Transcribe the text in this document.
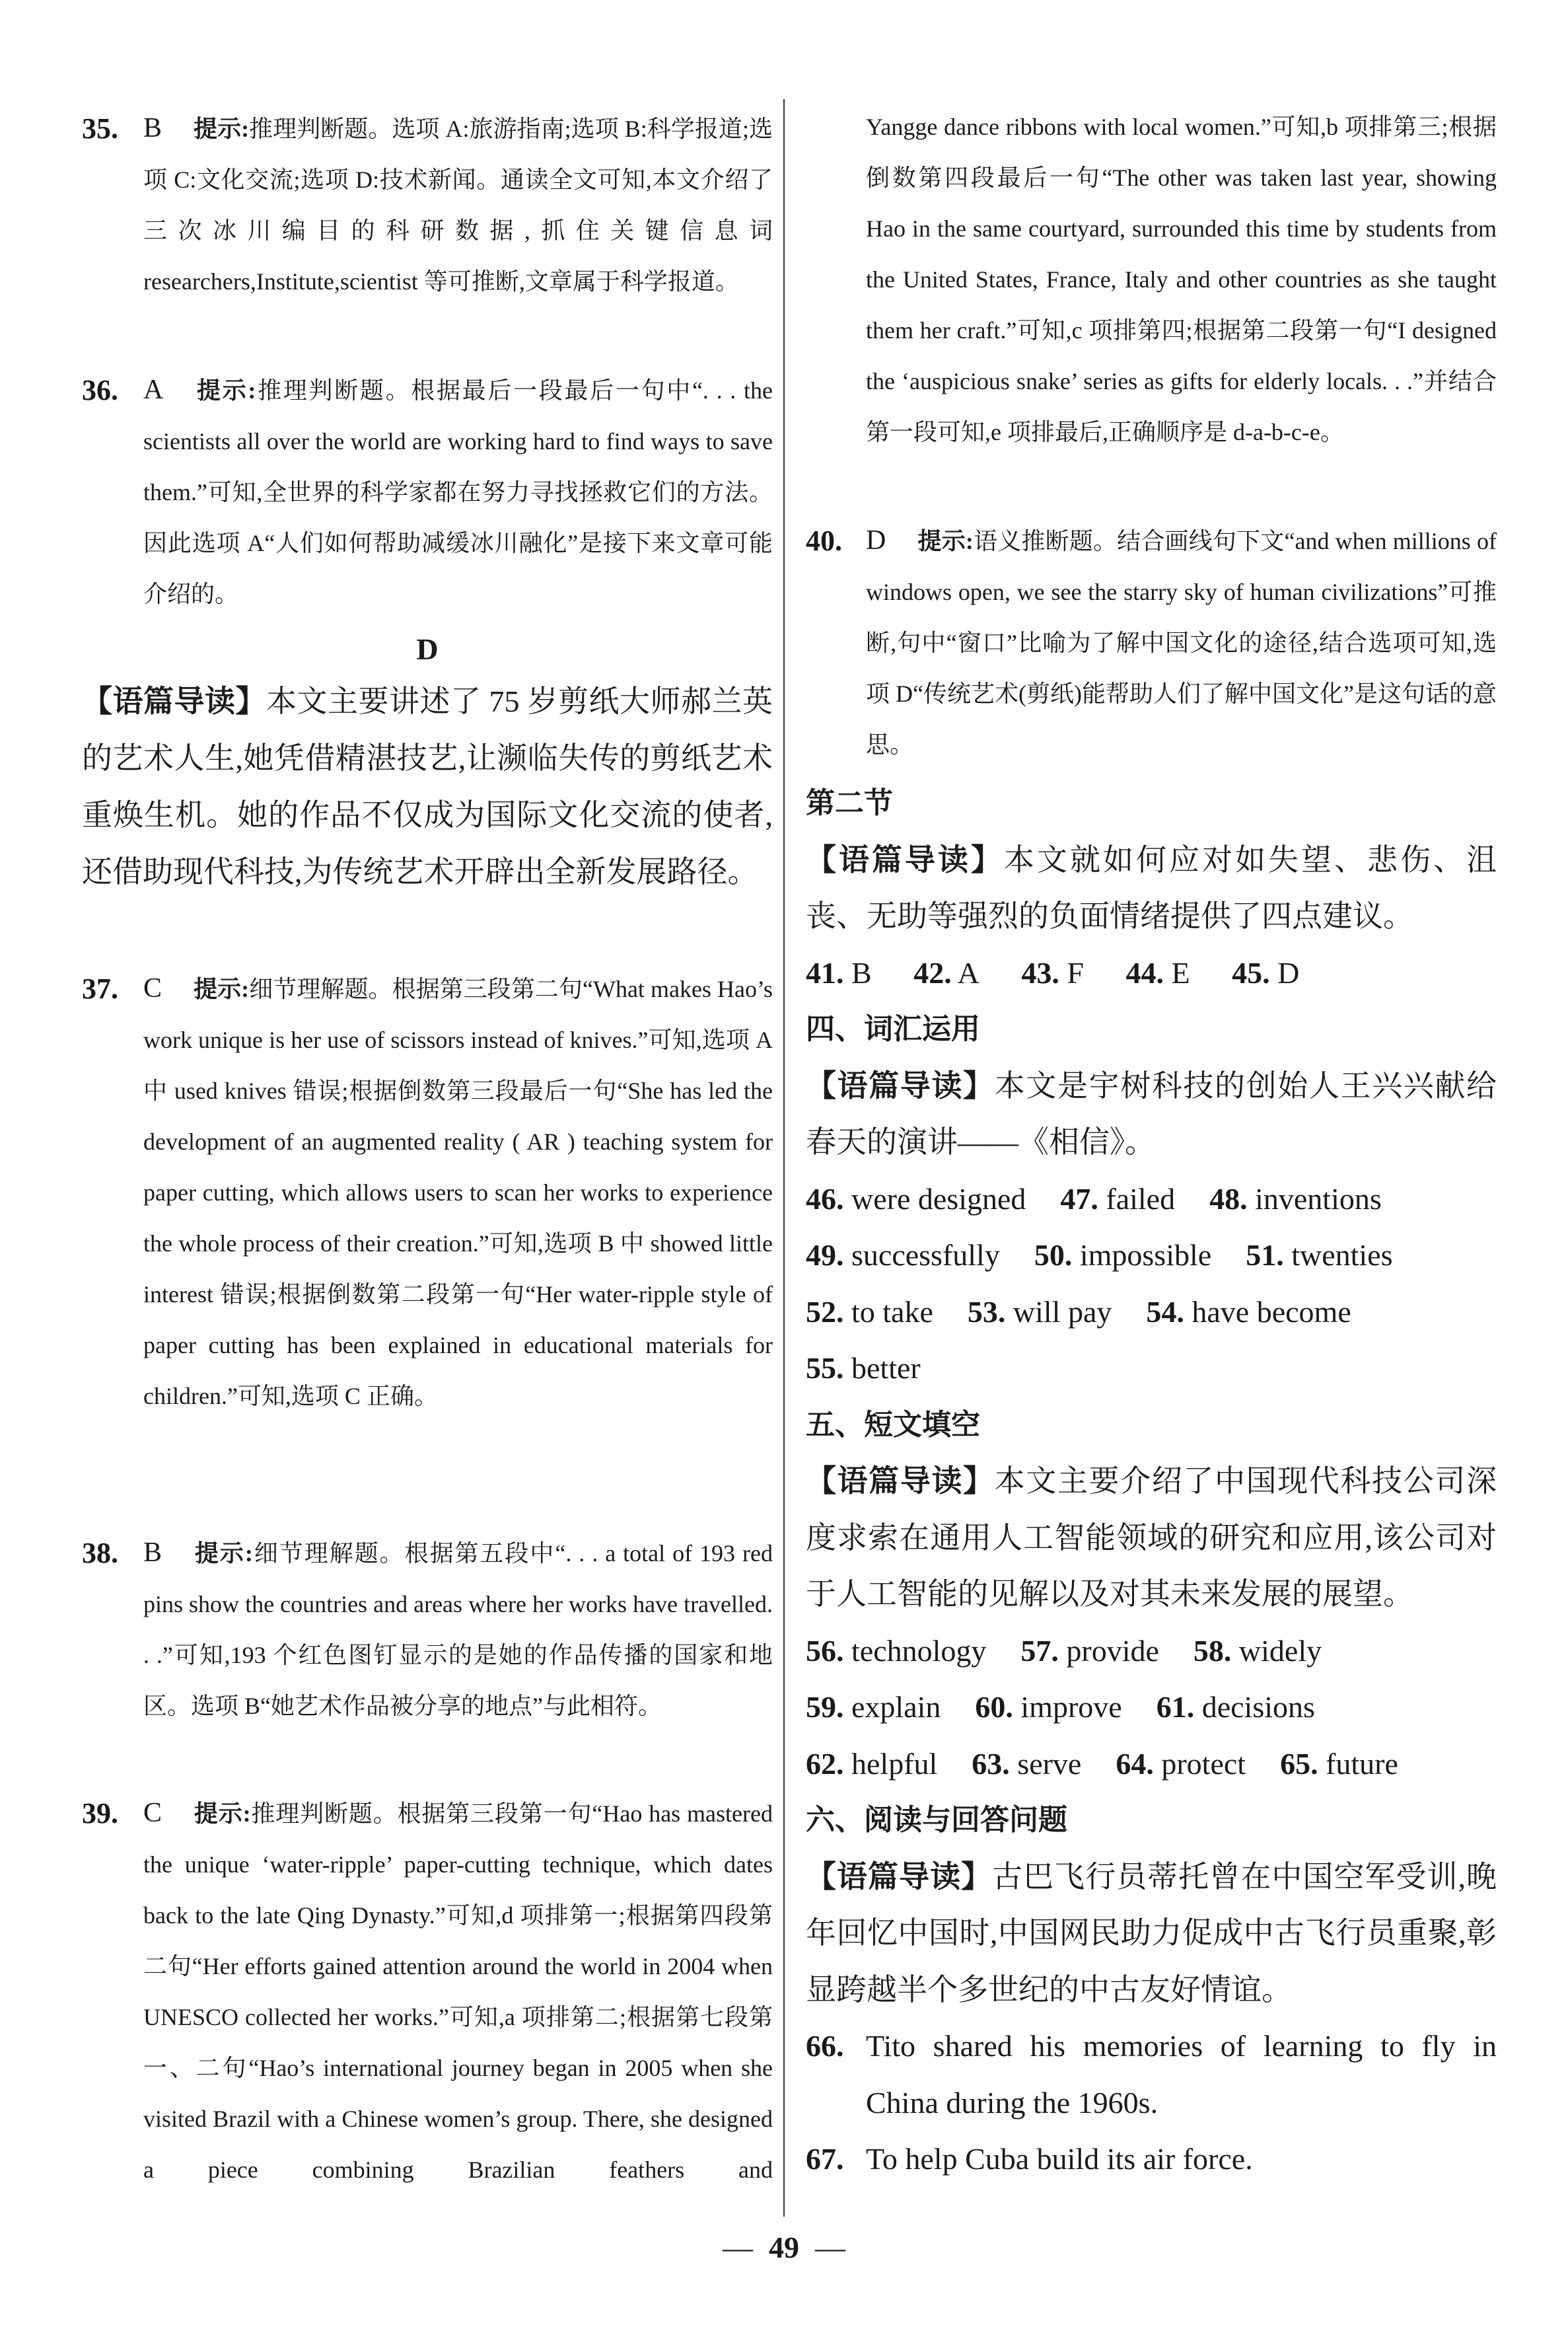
35. B 提示:推理判断题。选项 A:旅游指南;选项 B:科学报道;选项 C:文化交流;选项 D:技术新闻。通读全文可知,本文介绍了三次冰川编目的科研数据,抓住关键信息词 researchers,Institute,scientist 等可推断,文章属于科学报道。
36. A 提示:推理判断题。根据最后一段最后一句中“. . . the scientists all over the world are working hard to find ways to save them.”可知,全世界的科学家都在努力寻找拯救它们的方法。因此选项 A“人们如何帮助减缓冰川融化”是接下来文章可能介绍的。
D
【语篇导读】本文主要讲述了 75 岁剪纸大师郝兰英的艺术人生,她凭借精湛技艺,让濒临失传的剪纸艺术重焕生机。她的作品不仅成为国际文化交流的使者,还借助现代科技,为传统艺术开辟出全新发展路径。
37. C 提示:细节理解题。根据第三段第二句“What makes Hao’s work unique is her use of scissors instead of knives.”可知,选项 A 中 used knives 错误;根据倒数第三段最后一句“She has led the development of an augmented reality ( AR ) teaching system for paper cutting, which allows users to scan her works to experience the whole process of their creation.”可知,选项 B 中 showed little interest 错误;根据倒数第二段第一句“Her water-ripple style of paper cutting has been explained in educational materials for children.”可知,选项 C 正确。
38. B 提示:细节理解题。根据第五段中“. . . a total of 193 red pins show the countries and areas where her works have travelled. . .”可知,193 个红色图钉显示的是她的作品传播的国家和地区。选项 B“她艺术作品被分享的地点”与此相符。
39. C 提示:推理判断题。根据第三段第一句“Hao has mastered the unique ‘water-ripple’ paper-cutting technique, which dates back to the late Qing Dynasty.”可知,d 项排第一;根据第四段第二句“Her efforts gained attention around the world in 2004 when UNESCO collected her works.”可知,a 项排第二;根据第七段第一、二句“Hao’s international journey began in 2005 when she visited Brazil with a Chinese women’s group. There, she designed a piece combining Brazilian feathers and
Yangge dance ribbons with local women.”可知,b 项排第三;根据倒数第四段最后一句“The other was taken last year, showing Hao in the same courtyard, surrounded this time by students from the United States, France, Italy and other countries as she taught them her craft.”可知,c 项排第四;根据第二段第一句“I designed the ‘auspicious snake’ series as gifts for elderly locals. . .”并结合第一段可知,e 项排最后,正确顺序是 d-a-b-c-e。
40. D 提示:语义推断题。结合画线句下文“and when millions of windows open, we see the starry sky of human civilizations”可推断,句中“窗口”比喻为了解中国文化的途径,结合选项可知,选项 D“传统艺术(剪纸)能帮助人们了解中国文化”是这句话的意思。
第二节
【语篇导读】本文就如何应对如失望、悲伤、沮丧、无助等强烈的负面情绪提供了四点建议。
41. B 42. A 43. F 44. E 45. D
四、词汇运用
【语篇导读】本文是宇树科技的创始人王兴兴献给春天的演讲——《相信》。
46. were designed 47. failed 48. inventions
49. successfully 50. impossible 51. twenties
52. to take 53. will pay 54. have become
55. better
五、短文填空
【语篇导读】本文主要介绍了中国现代科技公司深度求索在通用人工智能领域的研究和应用,该公司对于人工智能的见解以及对其未来发展的展望。
56. technology 57. provide 58. widely
59. explain 60. improve 61. decisions
62. helpful 63. serve 64. protect 65. future
六、阅读与回答问题
【语篇导读】古巴飞行员蒂托曾在中国空军受训,晚年回忆中国时,中国网民助力促成中古飞行员重聚,彰显跨越半个多世纪的中古友好情谊。
66. Tito shared his memories of learning to fly in China during the 1960s.
67. To help Cuba build its air force.
— 49 —
